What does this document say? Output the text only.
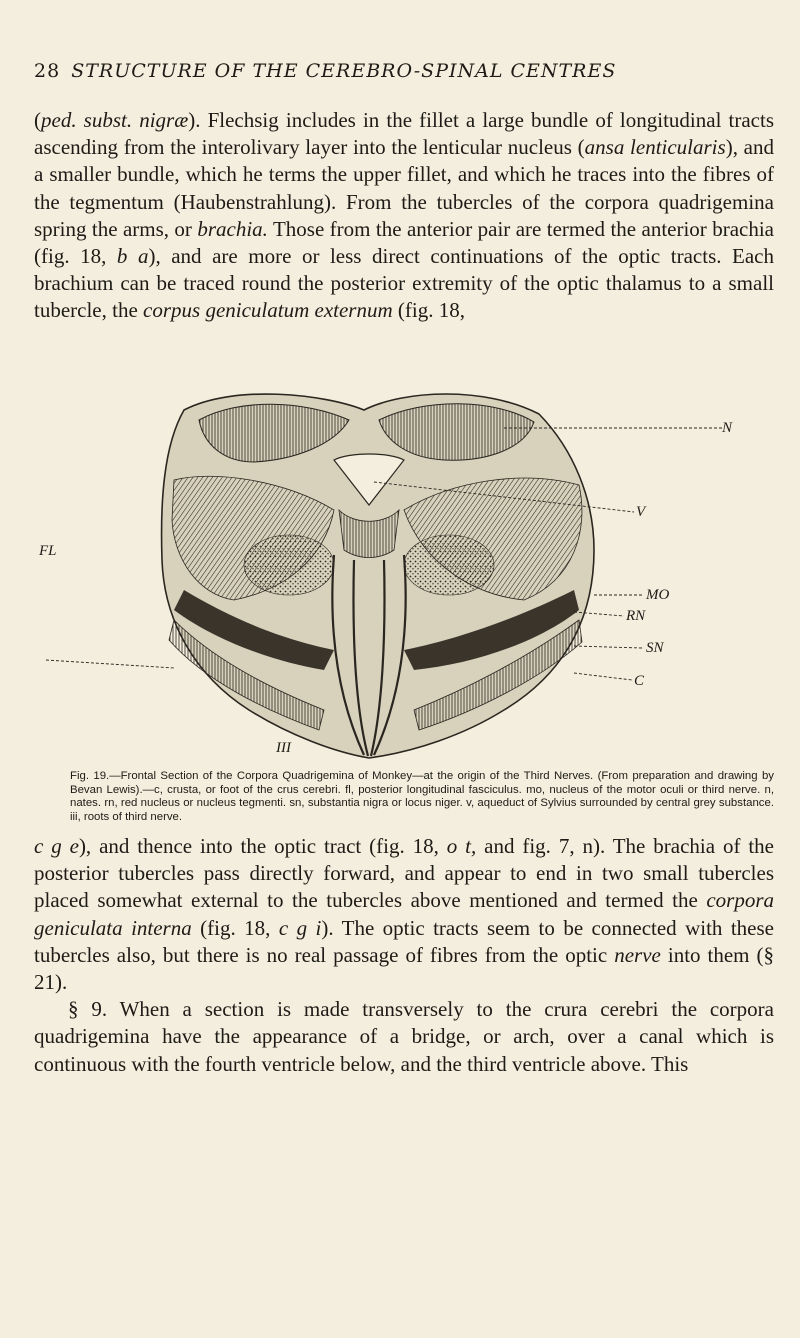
28 STRUCTURE OF THE CEREBRO-SPINAL CENTRES

(ped. subst. nigræ). Flechsig includes in the fillet a large bundle of longitudinal tracts ascending from the interolivary layer into the lenticular nucleus (ansa lenticularis), and a smaller bundle, which he terms the upper fillet, and which he traces into the fibres of the tegmentum (Haubenstrahlung). From the tubercles of the corpora quadrigemina spring the arms, or brachia. Those from the anterior pair are termed the anterior brachia (fig. 18, b a), and are more or less direct continuations of the optic tracts. Each brachium can be traced round the posterior extremity of the optic thalamus to a small tubercle, the corpus geniculatum externum (fig. 18,

N
V
FL
MO
RN
SN
C
III

Fig. 19.—Frontal Section of the Corpora Quadrigemina of Monkey—at the origin of the Third Nerves. (From preparation and drawing by Bevan Lewis).—c, crusta, or foot of the crus cerebri. fl, posterior longitudinal fasciculus. mo, nucleus of the motor oculi or third nerve. n, nates. rn, red nucleus or nucleus tegmenti. sn, substantia nigra or locus niger. v, aqueduct of Sylvius surrounded by central grey substance. iii, roots of third nerve.

c g e), and thence into the optic tract (fig. 18, o t, and fig. 7, n). The brachia of the posterior tubercles pass directly forward, and appear to end in two small tubercles placed somewhat external to the tubercles above mentioned and termed the corpora geniculata interna (fig. 18, c g i). The optic tracts seem to be connected with these tubercles also, but there is no real passage of fibres from the optic nerve into them (§ 21).

§ 9. When a section is made transversely to the crura cerebri the corpora quadrigemina have the appearance of a bridge, or arch, over a canal which is continuous with the fourth ventricle below, and the third ventricle above. This
